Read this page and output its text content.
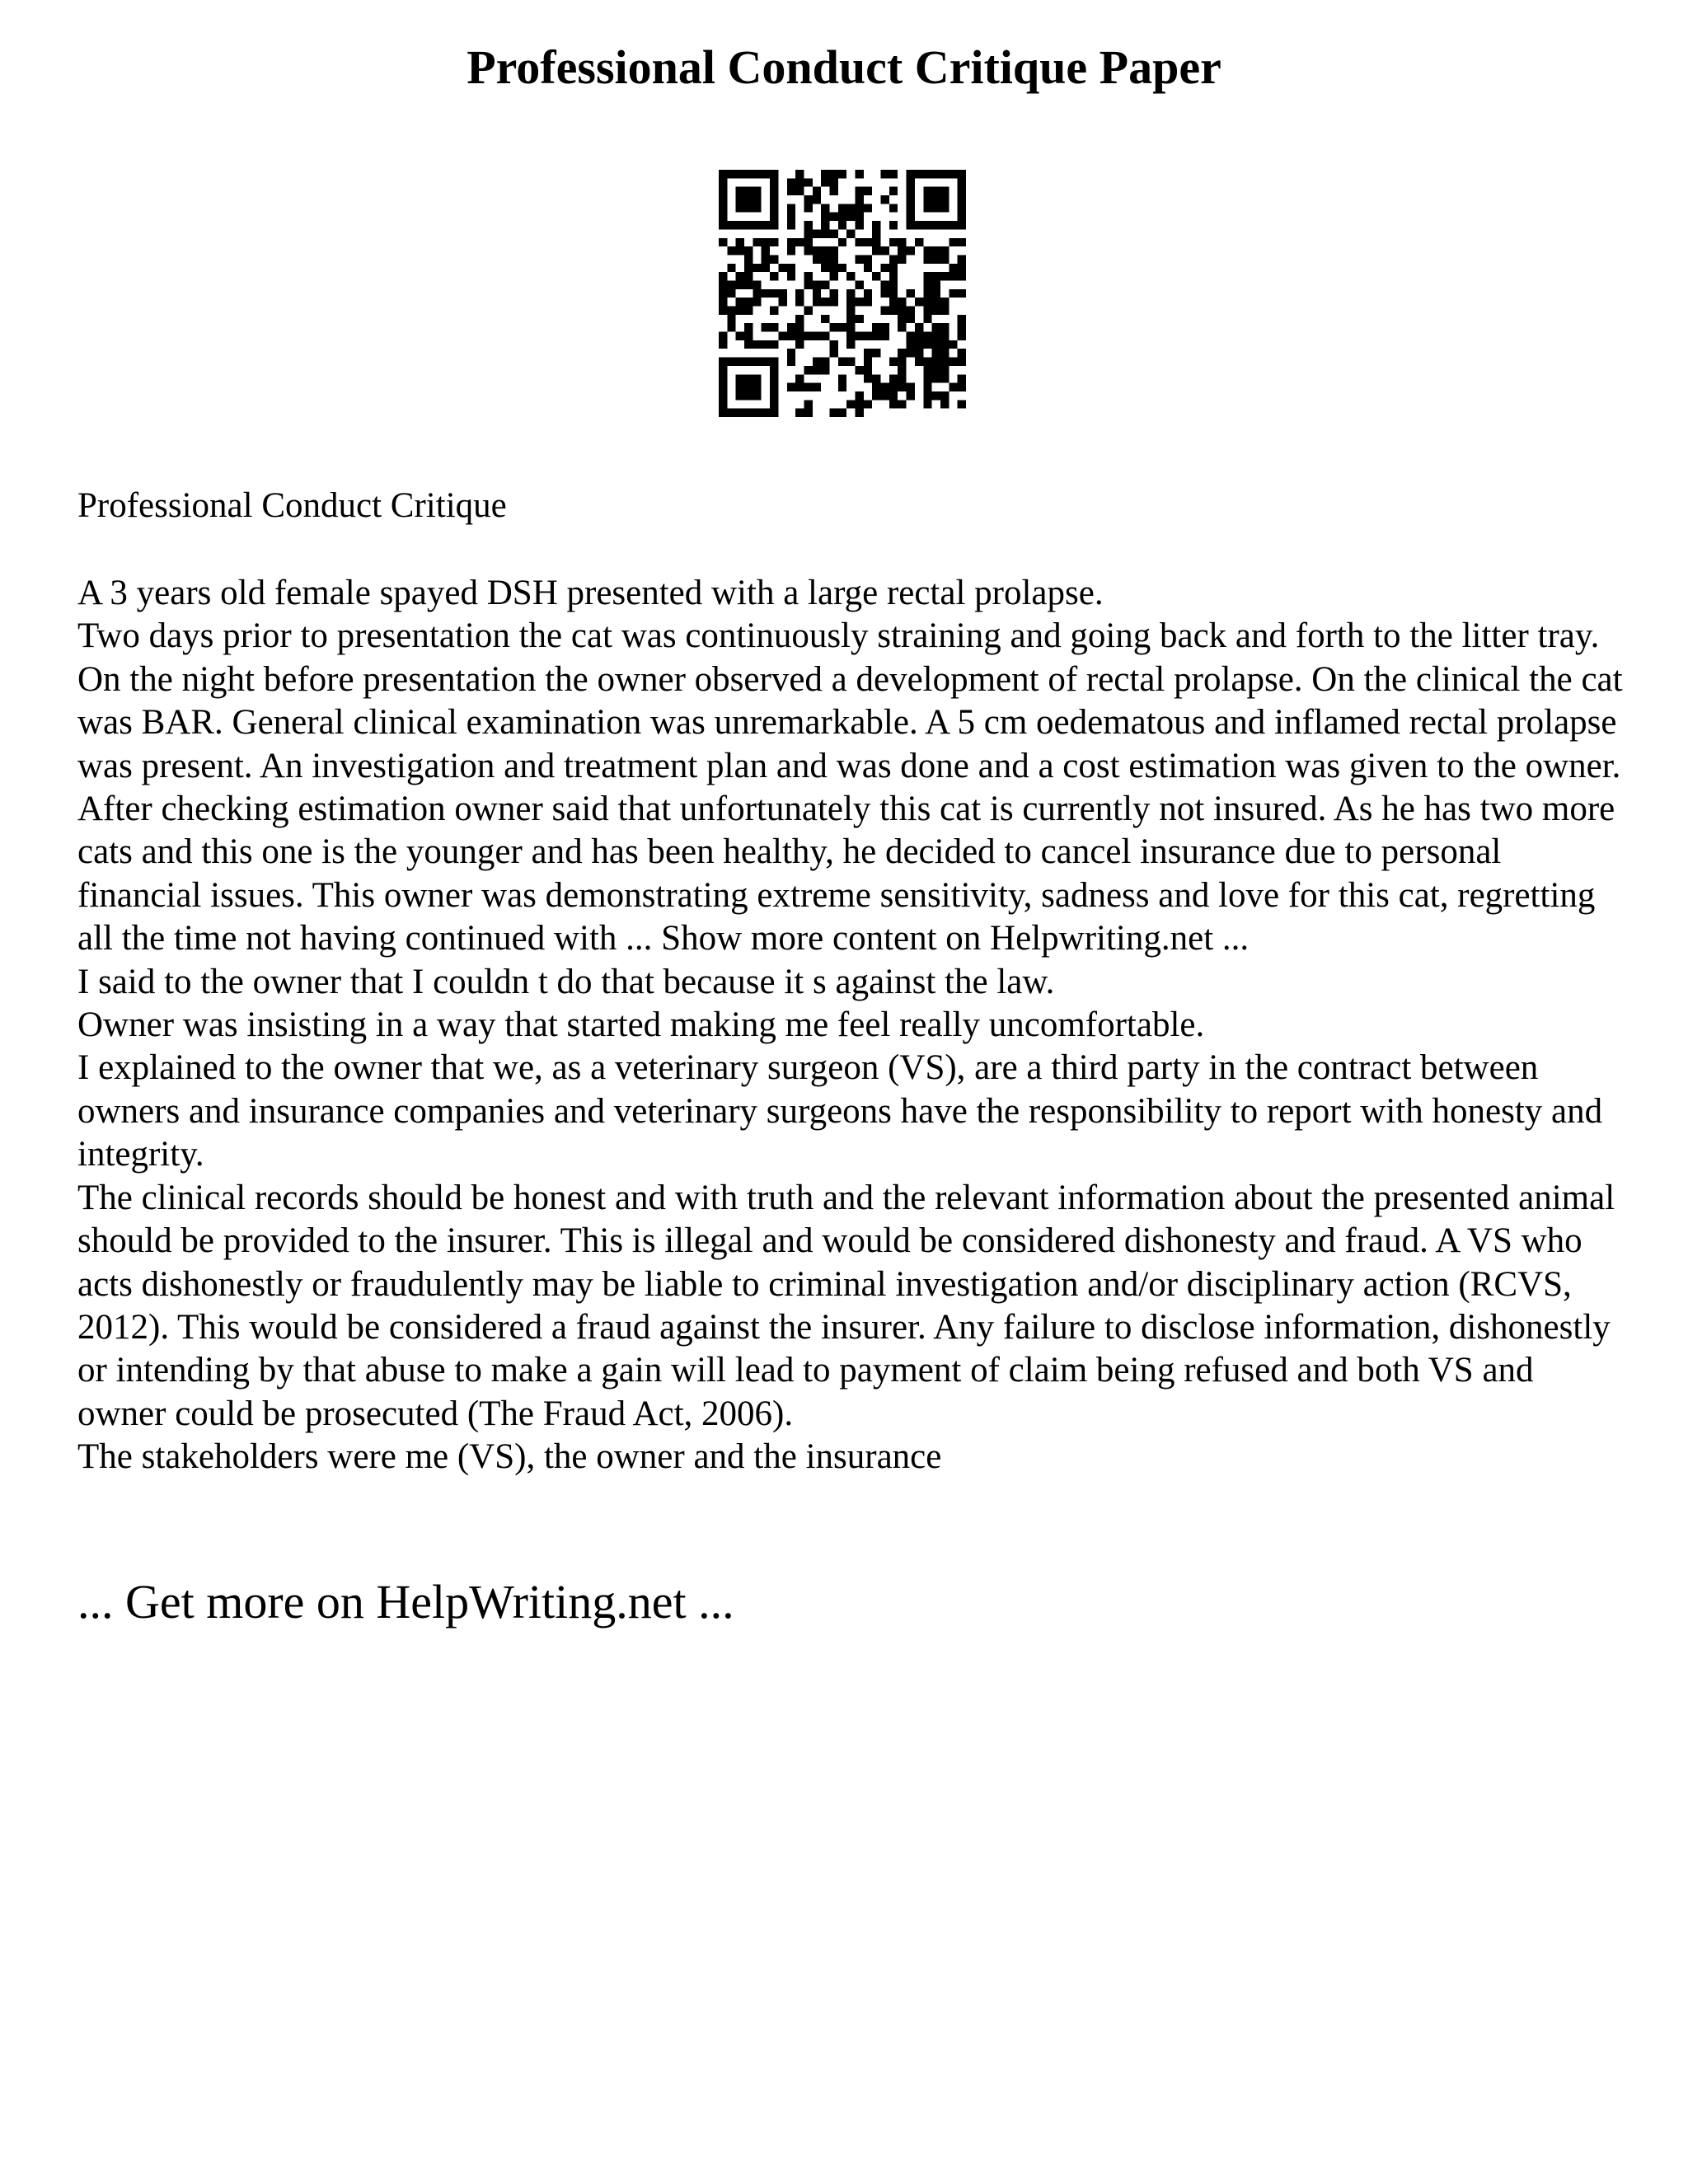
Professional Conduct Critique Paper
Professional Conduct Critique

A 3 years old female spayed DSH presented with a large rectal prolapse.

Two days prior to presentation the cat was continuously straining and going back and forth to the litter tray. On the night before presentation the owner observed a development of rectal prolapse. On the clinical the cat was BAR. General clinical examination was unremarkable. A 5 cm oedematous and inflamed rectal prolapse was present. An investigation and treatment plan and was done and a cost estimation was given to the owner.

After checking estimation owner said that unfortunately this cat is currently not insured. As he has two more cats and this one is the younger and has been healthy, he decided to cancel insurance due to personal financial issues. This owner was demonstrating extreme sensitivity, sadness and love for this cat, regretting all the time not having continued with ... Show more content on Helpwriting.net ...

I said to the owner that I couldn t do that because it s against the law.

Owner was insisting in a way that started making me feel really uncomfortable.

I explained to the owner that we, as a veterinary surgeon (VS), are a third party in the contract between owners and insurance companies and veterinary surgeons have the responsibility to report with honesty and integrity.

The clinical records should be honest and with truth and the relevant information about the presented animal should be provided to the insurer. This is illegal and would be considered dishonesty and fraud. A VS who acts dishonestly or fraudulently may be liable to criminal investigation and/or disciplinary action (RCVS, 2012). This would be considered a fraud against the insurer. Any failure to disclose information, dishonestly or intending by that abuse to make a gain will lead to payment of claim being refused and both VS and owner could be prosecuted (The Fraud Act, 2006).

The stakeholders were me (VS), the owner and the insurance

... Get more on HelpWriting.net ...
